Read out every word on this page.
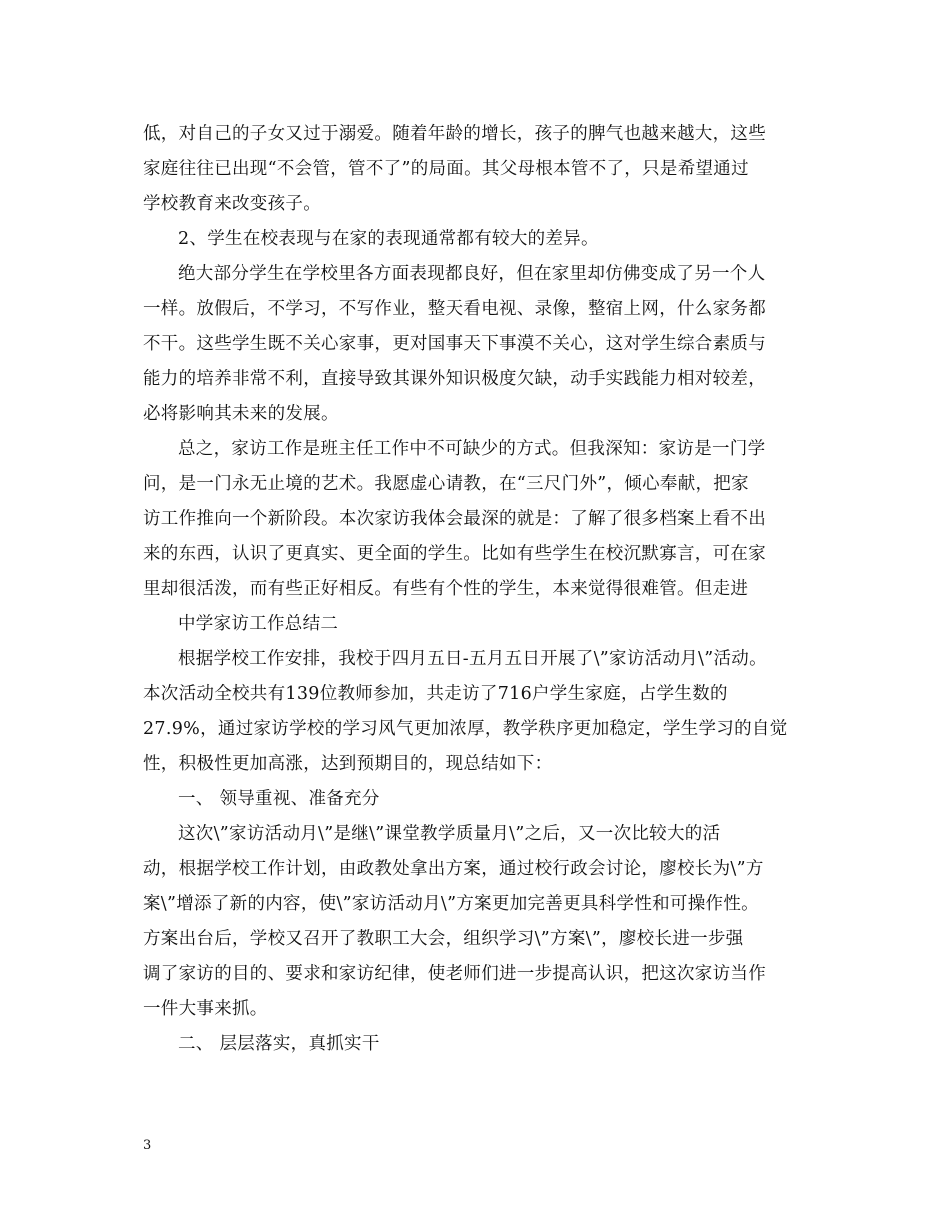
低，对自己的子女又过于溺爱。随着年龄的增长，孩子的脾气也越来越大，这些
家庭往往已出现“不会管，管不了”的局面。其父母根本管不了，只是希望通过
学校教育来改变孩子。
2、学生在校表现与在家的表现通常都有较大的差异。
绝大部分学生在学校里各方面表现都良好，但在家里却仿佛变成了另一个人
一样。放假后，不学习，不写作业，整天看电视、录像，整宿上网，什么家务都
不干。这些学生既不关心家事，更对国事天下事漠不关心，这对学生综合素质与
能力的培养非常不利，直接导致其课外知识极度欠缺，动手实践能力相对较差，
必将影响其未来的发展。
总之，家访工作是班主任工作中不可缺少的方式。但我深知：家访是一门学
问，是一门永无止境的艺术。我愿虚心请教，在“三尺门外”，倾心奉献，把家
访工作推向一个新阶段。本次家访我体会最深的就是：了解了很多档案上看不出
来的东西，认识了更真实、更全面的学生。比如有些学生在校沉默寡言，可在家
里却很活泼，而有些正好相反。有些有个性的学生，本来觉得很难管。但走进
中学家访工作总结二
根据学校工作安排，我校于四月五日-五月五日开展了\”家访活动月\”活动。
本次活动全校共有139位教师参加，共走访了716户学生家庭，占学生数的
27.9%，通过家访学校的学习风气更加浓厚，教学秩序更加稳定，学生学习的自觉
性，积极性更加高涨，达到预期目的，现总结如下：
一、 领导重视、准备充分
这次\”家访活动月\”是继\”课堂教学质量月\”之后，又一次比较大的活
动，根据学校工作计划，由政教处拿出方案，通过校行政会讨论，廖校长为\”方
案\”增添了新的内容，使\”家访活动月\”方案更加完善更具科学性和可操作性。
方案出台后，学校又召开了教职工大会，组织学习\”方案\”，廖校长进一步强
调了家访的目的、要求和家访纪律，使老师们进一步提高认识，把这次家访当作
一件大事来抓。
二、 层层落实，真抓实干
3
